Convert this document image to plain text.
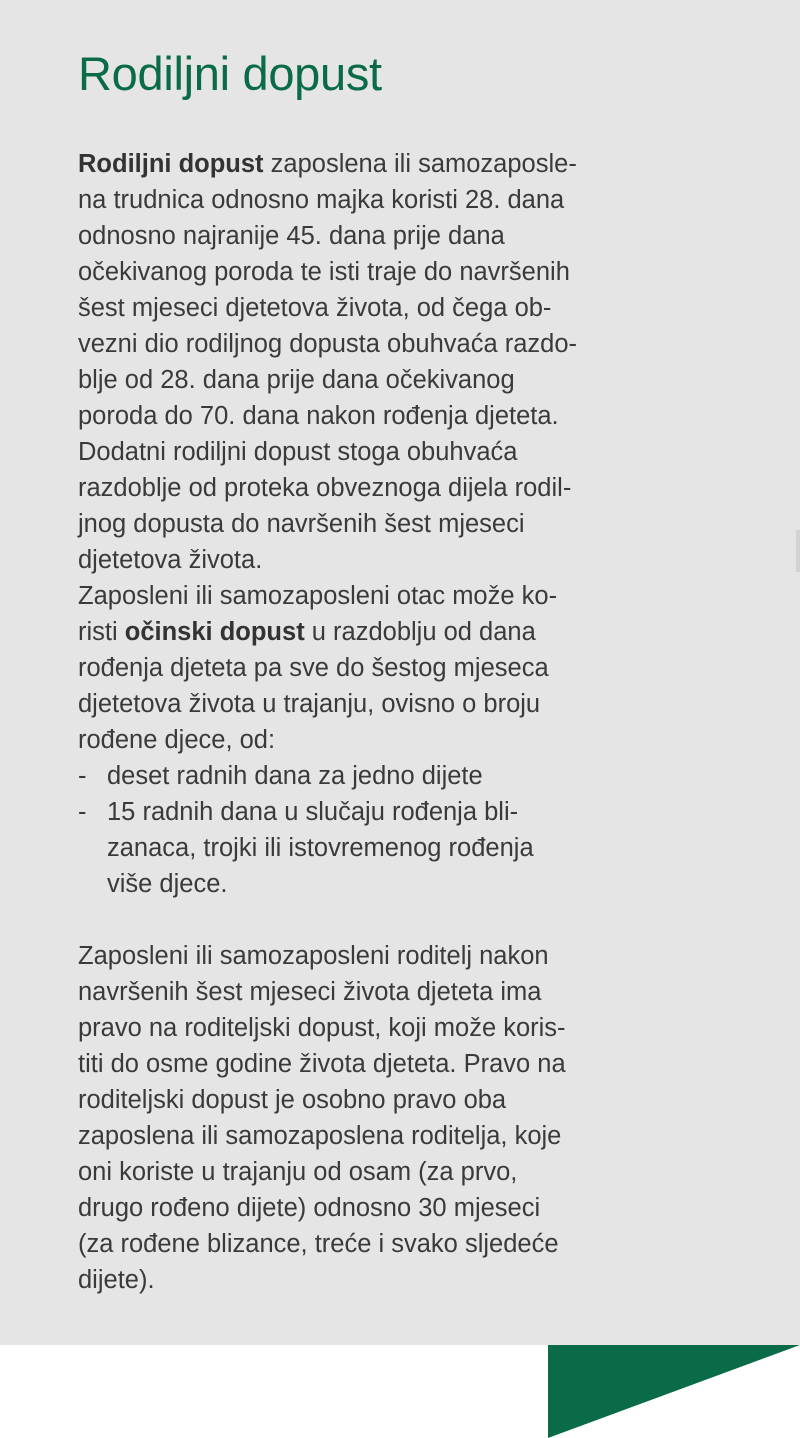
Rodiljni dopust

Rodiljni dopust zaposlena ili samozaposle-
na trudnica odnosno majka koristi 28. dana
odnosno najranije 45. dana prije dana
očekivanog poroda te isti traje do navršenih
šest mjeseci djetetova života, od čega ob-
vezni dio rodiljnog dopusta obuhvaća razdo-
blje od 28. dana prije dana očekivanog
poroda do 70. dana nakon rođenja djeteta.
Dodatni rodiljni dopust stoga obuhvaća
razdoblje od proteka obveznoga dijela rodil-
jnog dopusta do navršenih šest mjeseci
djetetova života.

Zaposleni ili samozaposleni otac može ko-
risti očinski dopust u razdoblju od dana
rođenja djeteta pa sve do šestog mjeseca
djetetova života u trajanju, ovisno o broju
rođene djece, od:

- deset radnih dana za jedno dijete
- 15 radnih dana u slučaju rođenja bli-
zanaca, trojki ili istovremenog rođenja
više djece.

Zaposleni ili samozaposleni roditelj nakon
navršenih šest mjeseci života djeteta ima
pravo na roditeljski dopust, koji može koris-
titi do osme godine života djeteta. Pravo na
roditeljski dopust je osobno pravo oba
zaposlena ili samozaposlena roditelja, koje
oni koriste u trajanju od osam (za prvo,
drugo rođeno dijete) odnosno 30 mjeseci
(za rođene blizance, treće i svako sljedeće
dijete).
